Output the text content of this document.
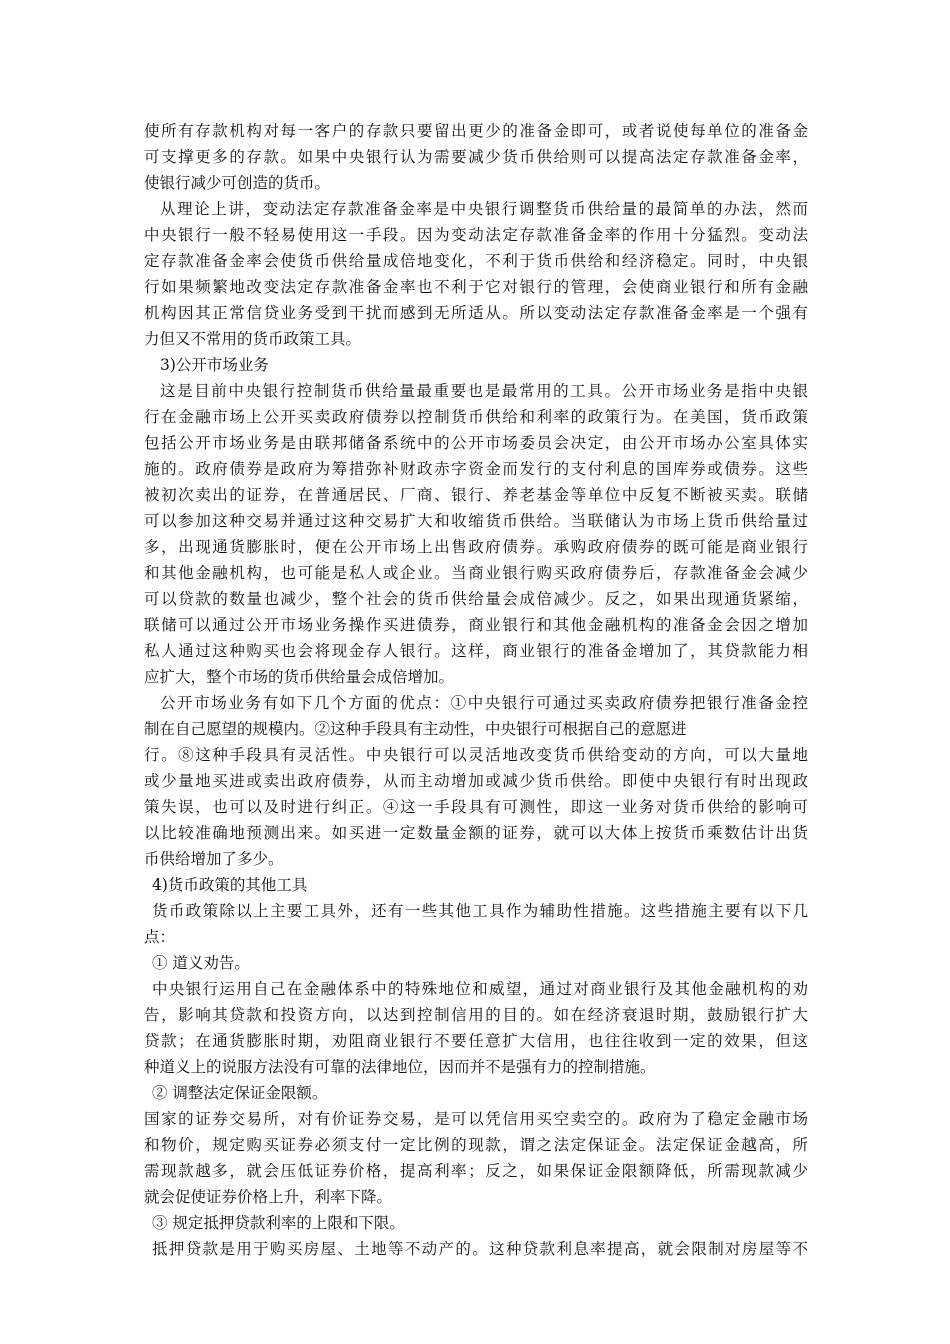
使所有存款机构对每一客户的存款只要留出更少的准备金即可，或者说使每单位的准备金
可支撑更多的存款。如果中央银行认为需要减少货币供给则可以提高法定存款准备金率，
使银行减少可创造的货币。
从理论上讲，变动法定存款准备金率是中央银行调整货币供给量的最简单的办法，然而
中央银行一般不轻易使用这一手段。因为变动法定存款准备金率的作用十分猛烈。变动法
定存款准备金率会使货币供给量成倍地变化，不利于货币供给和经济稳定。同时，中央银
行如果频繁地改变法定存款准备金率也不利于它对银行的管理，会使商业银行和所有金融
机构因其正常信贷业务受到干扰而感到无所适从。所以变动法定存款准备金率是一个强有
力但又不常用的货币政策工具。
3)公开市场业务
这是目前中央银行控制货币供给量最重要也是最常用的工具。公开市场业务是指中央银
行在金融市场上公开买卖政府债券以控制货币供给和利率的政策行为。在美国，货币政策
包括公开市场业务是由联邦储备系统中的公开市场委员会决定，由公开市场办公室具体实
施的。政府债券是政府为筹措弥补财政赤字资金而发行的支付利息的国库券或债券。这些
被初次卖出的证券，在普通居民、厂商、银行、养老基金等单位中反复不断被买卖。联储
可以参加这种交易并通过这种交易扩大和收缩货币供给。当联储认为市场上货币供给量过
多，出现通货膨胀时，便在公开市场上出售政府债券。承购政府债券的既可能是商业银行
和其他金融机构，也可能是私人或企业。当商业银行购买政府债券后，存款准备金会减少
可以贷款的数量也减少，整个社会的货币供给量会成倍减少。反之，如果出现通货紧缩，
联储可以通过公开市场业务操作买进债券，商业银行和其他金融机构的准备金会因之增加
私人通过这种购买也会将现金存人银行。这样，商业银行的准备金增加了，其贷款能力相
应扩大，整个市场的货币供给量会成倍增加。
公开市场业务有如下几个方面的优点：①中央银行可通过买卖政府债券把银行准备金控
制在自己愿望的规模内。②这种手段具有主动性，中央银行可根据自己的意愿进
行。⑧这种手段具有灵活性。中央银行可以灵活地改变货币供给变动的方向，可以大量地
或少量地买进或卖出政府债券，从而主动增加或减少货币供给。即使中央银行有时出现政
策失误，也可以及时进行纠正。④这一手段具有可测性，即这一业务对货币供给的影响可
以比较准确地预测出来。如买进一定数量金额的证券，就可以大体上按货币乘数估计出货
币供给增加了多少。
4)货币政策的其他工具
货币政策除以上主要工具外，还有一些其他工具作为辅助性措施。这些措施主要有以下几
点：
① 道义劝告。
中央银行运用自己在金融体系中的特殊地位和威望，通过对商业银行及其他金融机构的劝
告，影响其贷款和投资方向，以达到控制信用的目的。如在经济衰退时期，鼓励银行扩大
贷款；在通货膨胀时期，劝阻商业银行不要任意扩大信用，也往往收到一定的效果，但这
种道义上的说服方法没有可靠的法律地位，因而并不是强有力的控制措施。
② 调整法定保证金限额。
国家的证券交易所，对有价证券交易，是可以凭信用买空卖空的。政府为了稳定金融市场
和物价，规定购买证券必须支付一定比例的现款，谓之法定保证金。法定保证金越高，所
需现款越多，就会压低证券价格，提高利率；反之，如果保证金限额降低，所需现款减少
就会促使证券价格上升，利率下降。
③ 规定抵押贷款利率的上限和下限。
抵押贷款是用于购买房屋、土地等不动产的。这种贷款利息率提高，就会限制对房屋等不
